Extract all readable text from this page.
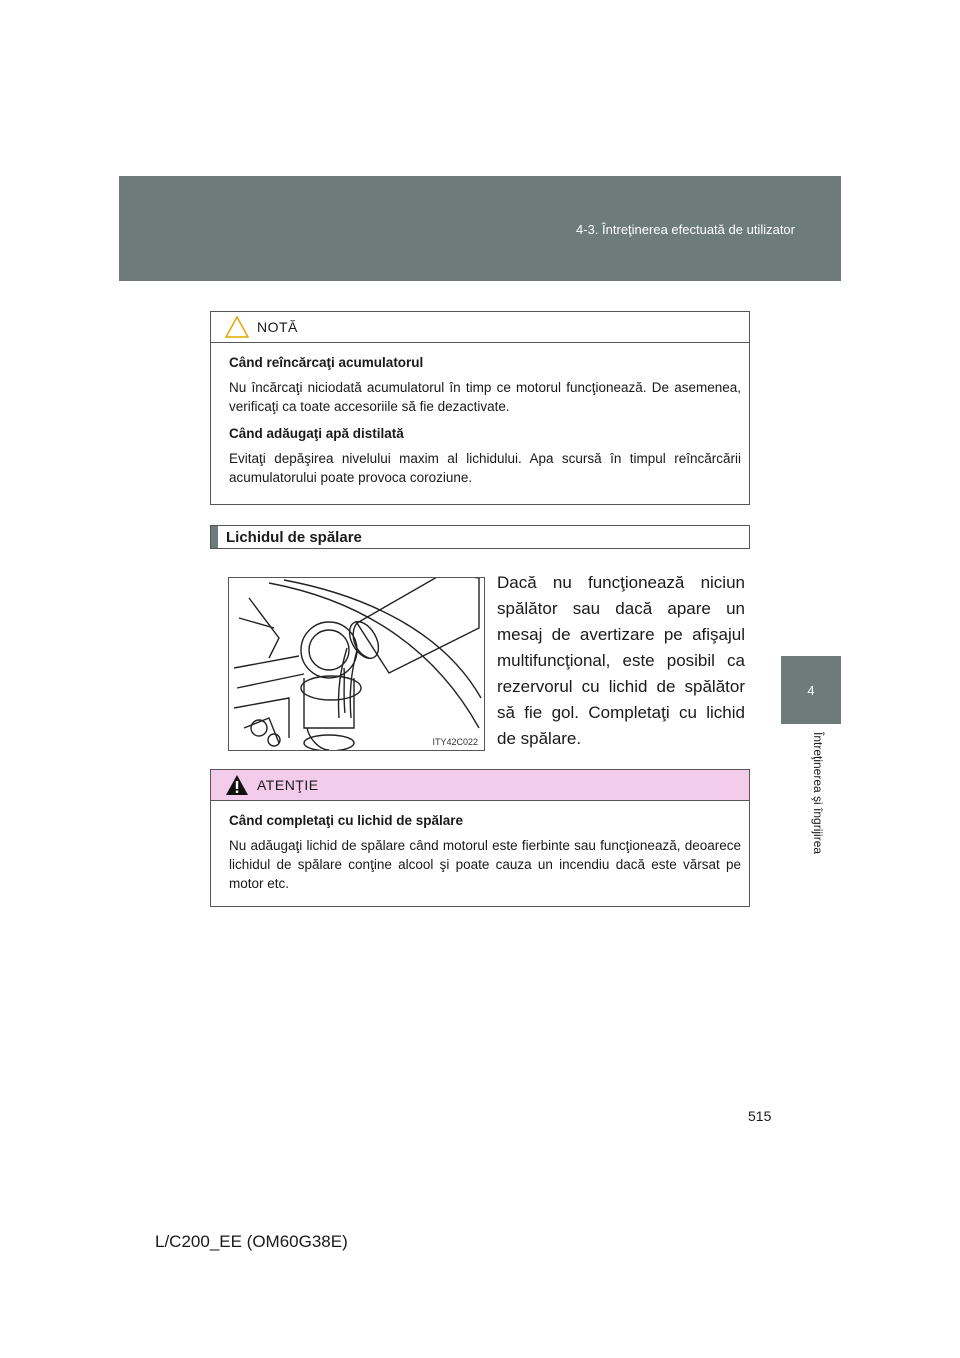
4-3. Întreţinerea efectuată de utilizator
4
Întreţinerea şi îngrijirea
NOTĂ
Când reîncărcaţi acumulatorul

Nu încărcaţi niciodată acumulatorul în timp ce motorul funcţionează. De asemenea, verificaţi ca toate accesoriile să fie dezactivate.

Când adăugaţi apă distilată

Evitaţi depăşirea nivelului maxim al lichidului. Apa scursă în timpul reîncărcării acumulatorului poate provoca coroziune.

Lichidul de spălare
ITY42C022
Dacă nu funcţionează niciun spălător sau dacă apare un mesaj de avertizare pe afişajul multifuncţional, este posibil ca rezervorul cu lichid de spălător să fie gol. Completaţi cu lichid de spălare.
ATENŢIE
Când completaţi cu lichid de spălare

Nu adăugaţi lichid de spălare când motorul este fierbinte sau funcţionează, deoarece lichidul de spălare conţine alcool şi poate cauza un incendiu dacă este vărsat pe motor etc.

515
L/C200_EE (OM60G38E)
